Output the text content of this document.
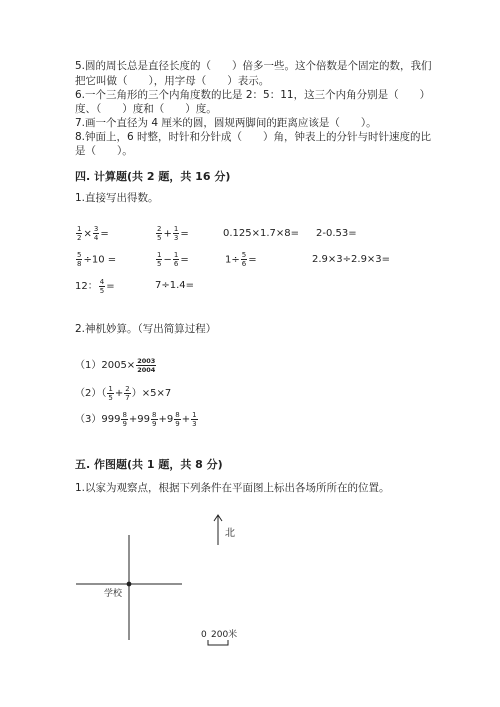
5.圆的周长总是直径长度的（　　）倍多一些。这个倍数是个固定的数，我们
把它叫做（　　），用字母（　　）表示。
6.一个三角形的三个内角度数的比是 2：5：11，这三个内角分别是（　　）
度、（　　）度和（　　）度。
7.画一个直径为 4 厘米的圆，圆规两脚间的距离应该是（　　）。
8.钟面上，6 时整，时针和分针成（　　）角，钟表上的分针与时针速度的比
是（　　）。
四. 计算题(共 2 题，共 16 分)
1.直接写出得数。
$\frac{1}{2} \times \frac{3}{4}$ =	$\frac{2}{5} + \frac{1}{3}$ =	0.125×1.7×8= 2-0.53=
$\frac{5}{8} \div 10$ =	$\frac{1}{5} - \frac{1}{6}$ =	$1\div \frac{5}{6}$ =	2.9×3÷2.9×3=
12： $\frac{4}{5}$ =	7÷1.4=
2.神机妙算。（写出简算过程）
$(1)2005\times \frac{2003}{2004}$
$(2)( \frac{1}{5} + \frac{2}{7} )\times 5\times 7$
$(3)999 \frac{8}{9} +99 \frac{8}{9} +9 \frac{8}{9} + \frac{1}{3}$
五. 作图题(共 1 题，共 8 分)
1.以家为观察点，根据下列条件在平面图上标出各场所所在的位置。
北
学校
0 200米
